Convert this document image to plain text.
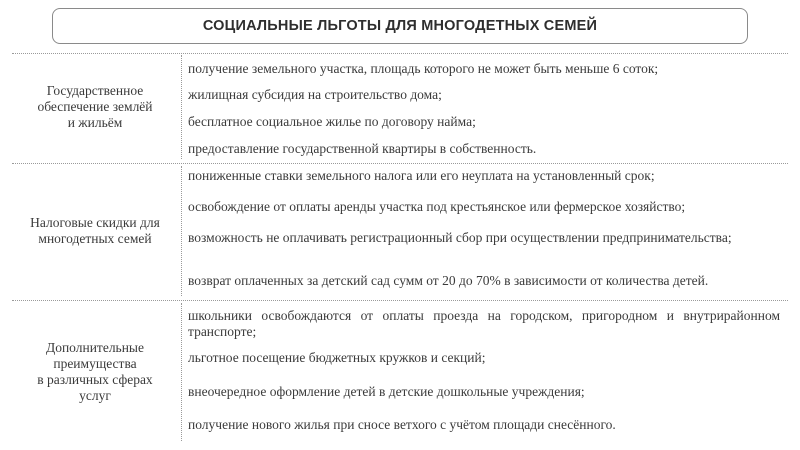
СОЦИАЛЬНЫЕ ЛЬГОТЫ ДЛЯ МНОГОДЕТНЫХ СЕМЕЙ
Государственное
обеспечение землёй
и жильём
получение земельного участка, площадь которого не может быть меньше 6 соток;
жилищная субсидия на строительство дома;
бесплатное социальное жилье по договору найма;
предоставление государственной квартиры в собственность.
Налоговые скидки для
многодетных семей
пониженные ставки земельного налога или его неуплата на установленный срок;
освобождение от оплаты аренды участка под крестьянское или фермерское хозяйство;
возможность не оплачивать регистрационный сбор при осуществлении предпринимательства;
возврат оплаченных за детский сад сумм от 20 до 70% в зависимости от количества детей.
Дополнительные
преимущества
в различных сферах
услуг
школьники освобождаются от оплаты проезда на городском, пригородном и внутрирайонном транспорте;
льготное посещение бюджетных кружков и секций;
внеочередное оформление детей в детские дошкольные учреждения;
получение нового жилья при сносе ветхого с учётом площади снесённого.
